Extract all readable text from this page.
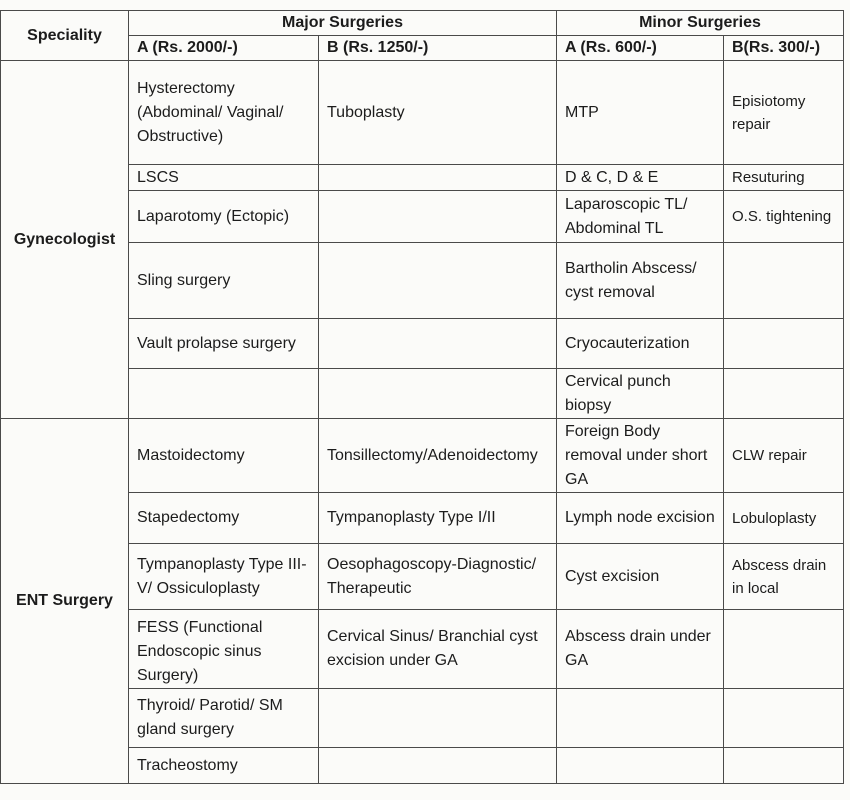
Speciality	Major Surgeries		Minor Surgeries	
	A (Rs. 2000/-)	B (Rs. 1250/-)	A (Rs. 600/-)	B(Rs. 300/-)
Gynecologist	Hysterectomy (Abdominal/ Vaginal/ Obstructive)	Tuboplasty	MTP	Episiotomy repair
	LSCS		D & C, D & E	Resuturing
	Laparotomy (Ectopic)		Laparoscopic TL/ Abdominal TL	O.S. tightening
	Sling surgery		Bartholin Abscess/ cyst removal	
	Vault prolapse surgery		Cryocauterization	
			Cervical punch biopsy	
ENT Surgery	Mastoidectomy	Tonsillectomy/Adenoidectomy	Foreign Body removal under short GA	CLW repair
	Stapedectomy	Tympanoplasty Type I/II	Lymph node excision	Lobuloplasty
	Tympanoplasty Type III-V/ Ossiculoplasty	Oesophagoscopy-Diagnostic/ Therapeutic	Cyst excision	Abscess drain in local
	FESS (Functional Endoscopic sinus Surgery)	Cervical Sinus/ Branchial cyst excision under GA	Abscess drain under GA	
	Thyroid/ Parotid/ SM gland surgery			
	Tracheostomy			
